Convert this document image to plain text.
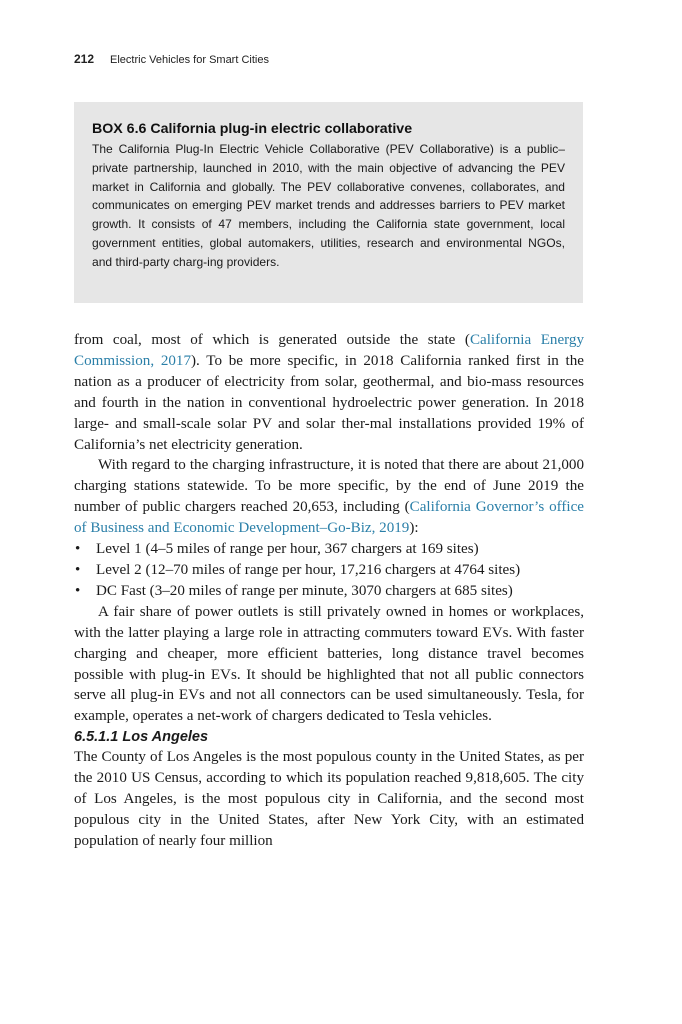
212 Electric Vehicles for Smart Cities

BOX 6.6 California plug-in electric collaborative

The California Plug-In Electric Vehicle Collaborative (PEV Collaborative) is a public–private partnership, launched in 2010, with the main objective of advancing the PEV market in California and globally. The PEV collaborative convenes, collaborates, and communicates on emerging PEV market trends and addresses barriers to PEV market growth. It consists of 47 members, including the California state government, local government entities, global automakers, utilities, research and environmental NGOs, and third-party charg-ing providers.

from coal, most of which is generated outside the state (California Energy Commission, 2017). To be more specific, in 2018 California ranked first in the nation as a producer of electricity from solar, geothermal, and bio-mass resources and fourth in the nation in conventional hydroelectric power generation. In 2018 large- and small-scale solar PV and solar ther-mal installations provided 19% of California’s net electricity generation.

With regard to the charging infrastructure, it is noted that there are about 21,000 charging stations statewide. To be more specific, by the end of June 2019 the number of public chargers reached 20,653, including (California Governor’s office of Business and Economic Development–Go-Biz, 2019):

• Level 1 (4–5 miles of range per hour, 367 chargers at 169 sites)
• Level 2 (12–70 miles of range per hour, 17,216 chargers at 4764 sites)
• DC Fast (3–20 miles of range per minute, 3070 chargers at 685 sites)

A fair share of power outlets is still privately owned in homes or workplaces, with the latter playing a large role in attracting commuters toward EVs. With faster charging and cheaper, more efficient batteries, long distance travel becomes possible with plug-in EVs. It should be highlighted that not all public connectors serve all plug-in EVs and not all connectors can be used simultaneously. Tesla, for example, operates a net-work of chargers dedicated to Tesla vehicles.

6.5.1.1 Los Angeles

The County of Los Angeles is the most populous county in the United States, as per the 2010 US Census, according to which its population reached 9,818,605. The city of Los Angeles, is the most populous city in California, and the second most populous city in the United States, after New York City, with an estimated population of nearly four million
